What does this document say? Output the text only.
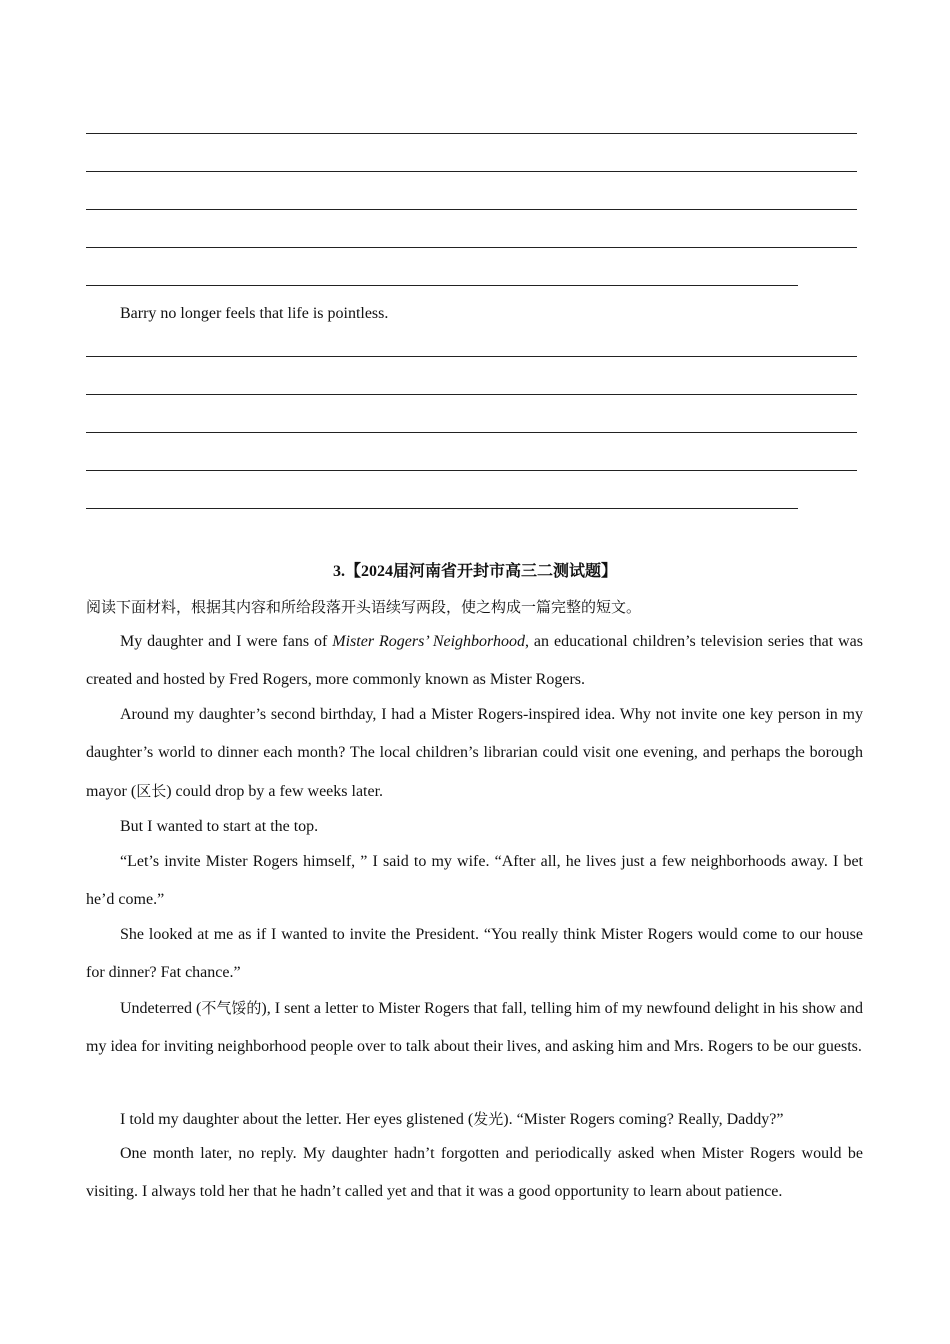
Barry no longer feels that life is pointless.
3.【2024届河南省开封市高三二测试题】
阅读下面材料，根据其内容和所给段落开头语续写两段，使之构成一篇完整的短文。

My daughter and I were fans of Mister Rogers’ Neighborhood, an educational children’s television series that was created and hosted by Fred Rogers, more commonly known as Mister Rogers.

Around my daughter’s second birthday, I had a Mister Rogers-inspired idea. Why not invite one key person in my daughter’s world to dinner each month? The local children’s librarian could visit one evening, and perhaps the borough mayor (区长) could drop by a few weeks later.

But I wanted to start at the top.

“Let’s invite Mister Rogers himself, ” I said to my wife. “After all, he lives just a few neighborhoods away. I bet he’d come.”

She looked at me as if I wanted to invite the President. “You really think Mister Rogers would come to our house for dinner? Fat chance.”

Undeterred (不气馁的), I sent a letter to Mister Rogers that fall, telling him of my newfound delight in his show and my idea for inviting neighborhood people over to talk about their lives, and asking him and Mrs. Rogers to be our guests.

I told my daughter about the letter. Her eyes glistened (发光). “Mister Rogers coming? Really, Daddy?”

One month later, no reply. My daughter hadn’t forgotten and periodically asked when Mister Rogers would be visiting. I always told her that he hadn’t called yet and that it was a good opportunity to learn about patience.
